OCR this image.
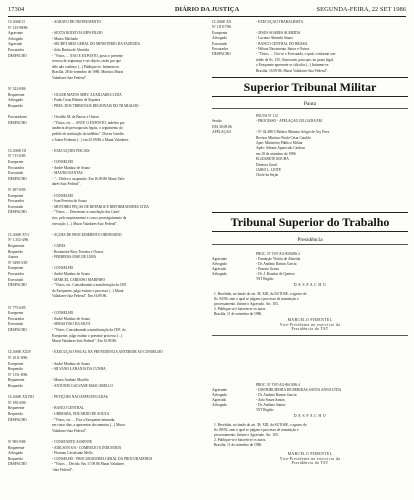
17304	DIÁRIO DA JUSTIÇA	SEGUNDA-FEIRA, 22 SET 1986
CLASSE II	- AGRAVO DE INSTRUMENTO
Nº 125-98/86
Agravante	- SEXTA RODOVIA RIPA FILHO
Advogado	- Mauro Machado
Agravado	- SECRETÁRIO GERAL DO MINISTÉRIO DA FAZENDA
Procurador	- João Batista de Almeida
DESPACHO	- "Vistos. ... NÃO É EXPOSTO, posto o presente
recurso de segurança e ser objeto, razão por que
dele não conheço (...) Publique-se. Intimem-se.
Brasília, 28 de setembro de 1986. Ministro Murat
Valadares-Juiz Federal".
Nº 322-8/86
Requerente	- OLGER MATOS SERV. AUXILIARES LTDA
Advogado	- Paulo Cesar Ribeiro de Siqueira
Requerido	- PRES. DOS TRIBUNAIS REGIONAIS DO TRABALHO
Procuradores	- Osvaldo M. de Barros e Outros
DESPACHO	- "Vistos, etc. ... ANTE O EXPOSTO, indefiro por
ausência de pressupostos legais, o seguimento do
pedido de restituição do indébito". Dirceu Guedes
e Juízes Federais (...) em 25.09.86 o Murat Valadares.
CLASSE III	- EXECUÇÕES FISCAIS
Nº 711-6/85
Exequente	- CONSELHO
Procurador	- André Munhoz de Souza
Executado	- MAURO DANTAS
DESPACHO	- "... Defiro o suspensão. Em 16.09.86 Murat Vala-
dares-Juiz Federal".
Nº 497-0/85
Exequente	- CONSELHO
Procurador	- Ivan Ferreira de Souza
Executado	- MOTORES PEÇAS DE REPAROS E REFORMADORES LTDA
DESPACHO	- "Vistos. ... Determino a cancelação dos Cartó-
rios, pelo arquivamento e com o prosseguimento da
execução. (...) Murat Valadares-Juiz Federal".
CLASSE XVI	- AÇÕES DE PROCEDIMENTO ORDINÁRIO
Nº 1.352-4/86
Requerente	- CAPAS
Requerido	- Rosemeire Reys Teixeira e Outros
Autora	- FERREIRA JOSÉ DE LIMA
Nº 3490-5/85
Exequente	- CONSELHO
Procurador	- André Munhoz de Souza
Executado	- MARCEL CARDOSO MARINHO
DESPACHO	- "Vistos, etc. Considerando a manifestação da CEF,
do Exequente, julgo extinto o processo (...) Murat
Valadares-Juiz Federal". Em 16.09.86.
Nº 775-6/85
Exequente	- CONSELHO
Procurador	- André Munhoz de Souza
Executado	- SEBASTIÃO DA SILVA
DESPACHO	- "Vistos. Considerando a manifestação da CEF, do
Exequente, julgo extinto o presente processo (...)
Murat Valadares-Juiz Federal". Em 16.09.86.
CLASSE XXIV	- EXECUÇÃO FISCAL NA PROVIDÊNCIA ANTERIOR AO CONSELHO
Nº 1011-8/86
Exequente	- André Munhoz de Souza
Requerido	- SILVANO LARANJA DA CUNHA
Nº 1151-8/86
Requerente	- Mauro Antônio Macêdo
Requerido	- ANTÔNIO GALVANE MASCARELLO
CLASSE XXVIII	- PETIÇÕES NÃO ESPECIFICADAS
Nº 190-4/86
Requerente	- BANCO CENTRAL
Requerido	- UBERABA, EDUARDO DE SOUZA
DESPACHO	- "Vistos, etc. ... Fica a Exequente intimada,
em cinco dias, a apresentar documentos (...) Murat
Valadares-Juiz Federal".
Nº 905-9/86	- CONSTANTE AUSENTE
Requerente	- ADILSON S/A - COMÉRCIO E INDÚSTRIA
Advogado	- Floriano Cavalcante Mello
Requerido	- CONSELHO - PROCURADORIA GERAL DA PROCURADORIA
DESPACHO	- "Vistos ... Decido. Em 17.09.86 Murat Valadares
-Juiz Federal".
CLASSE XX	- EXECUÇÃO TRABALHISTA
Nº 1110-7/86
Exequente	- JESUS SOARES ALMEIDA
Advogado	- Luciano Almeida Souza
Executado	- BANCO CENTRAL DO BRASIL
Procurador	- Wilson Nascimento Júnior e Outros
DESPACHO	- "Vistos. ... Cite-se o Executado, o qual, conforme con-
teúdo de fls. 155, Outrossim, para que, no prazo legal,
o Exequente apresente os cálculos (...) Intimem-se.
Brasília, 16.09.86. Murat Valadares-Juiz Federal".
Superior Tribunal Militar
Pauta
PAUTA Nº 112
Sessão	- PROCESSO - APELAÇÃO JULGADA EM
DIA 30.09.86
APELAÇÃO	- Nº 44.488-5 Relator Ministro Sérgio de Ary Pires
Revisor Ministro Paulo César Cataldo
Apte: Ministério Público Militar
Apdo: Ademir Aparecido Cardoso
em 18 de setembro de 1986
ELIZABETE ROCHA
Diretora Geral
JAIRO L. LEITE
Chefe da Seção
Tribunal Superior do Trabalho
Presidência
PROC. Nº TST-AG-8594/86.3
Agravante	- Fundação Vitória de Almeida
Advogado	- Dr. Antônio Ramos Garcia
Agravado	- Ernesto Souza
Advogado	- Dr. J. Rondon de Queiroz
TST Região
D E S P A C H O
1. Recebido, no fundo do art. 38, XIII, da SUTOSE, o agravo de
fls. 94/96, sem o qual se julgam o processo de tramitação e
processamento. Intime o Agravado. Art. 103.
2. Publique-se e baixem-se os autos.
Brasília, 11 de setembro de 1986.
MARCELO PIMENTEL
Vice-Presidente no exercício da
Presidência do TST
PROC. Nº TST-AG-8613/86.4
Agravante	- DISTRIBUIDORA DE BEBIDAS SANTA ANNA LTDA
Advogado	- Dr. Antônio Ramos Garcia
Agravado	- João Souza Santos
Advogado	- Dr. Antônio Santos
TST Região
D E S P A C H O
1. Recebido, no fundo do art. 38, XIII, da SUTOSE, o agravo de
fls. 88/92, sem o qual se julgam o processo de tramitação e
processamento. Intime o Agravado. Art. 103.
2. Publique-se e baixem-se os autos.
Brasília, 11 de setembro de 1986.
MARCELO PIMENTEL
Vice-Presidente no exercício da
Presidência do TST
